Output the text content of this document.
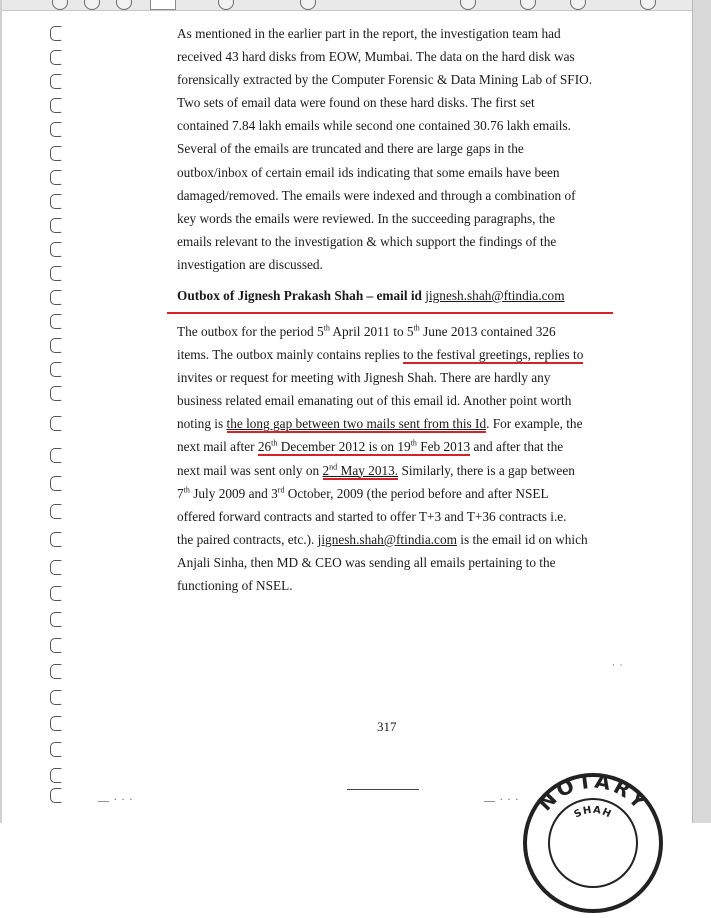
As mentioned in the earlier part in the report, the investigation team had
received 43 hard disks from EOW, Mumbai. The data on the hard disk was
forensically extracted by the Computer Forensic & Data Mining Lab of SFIO.
Two sets of email data were found on these hard disks. The first set
contained 7.84 lakh emails while second one contained 30.76 lakh emails.
Several of the emails are truncated and there are large gaps in the
outbox/inbox of certain email ids indicating that some emails have been
damaged/removed. The emails were indexed and through a combination of
key words the emails were reviewed. In the succeeding paragraphs, the
emails relevant to the investigation & which support the findings of the
investigation are discussed.
Outbox of Jignesh Prakash Shah – email id jignesh.shah@ftindia.com
The outbox for the period 5th April 2011 to 5th June 2013 contained 326
items. The outbox mainly contains replies to the festival greetings, replies to
invites or request for meeting with Jignesh Shah. There are hardly any
business related email emanating out of this email id. Another point worth
noting is the long gap between two mails sent from this Id. For example, the
next mail after 26th December 2012 is on 19th Feb 2013 and after that the
next mail was sent only on 2nd May 2013. Similarly, there is a gap between
7th July 2009 and 3rd October, 2009 (the period before and after NSEL
offered forward contracts and started to offer T+3 and T+36 contracts i.e.
the paired contracts, etc.). jignesh.shah@ftindia.com is the email id on which
Anjali Sinha, then MD & CEO was sending all emails pertaining to the
functioning of NSEL.
·  ·
317
— ˑ ˑ ˑ	— ˑ ˑ ˑ NOTARY
SHAH
